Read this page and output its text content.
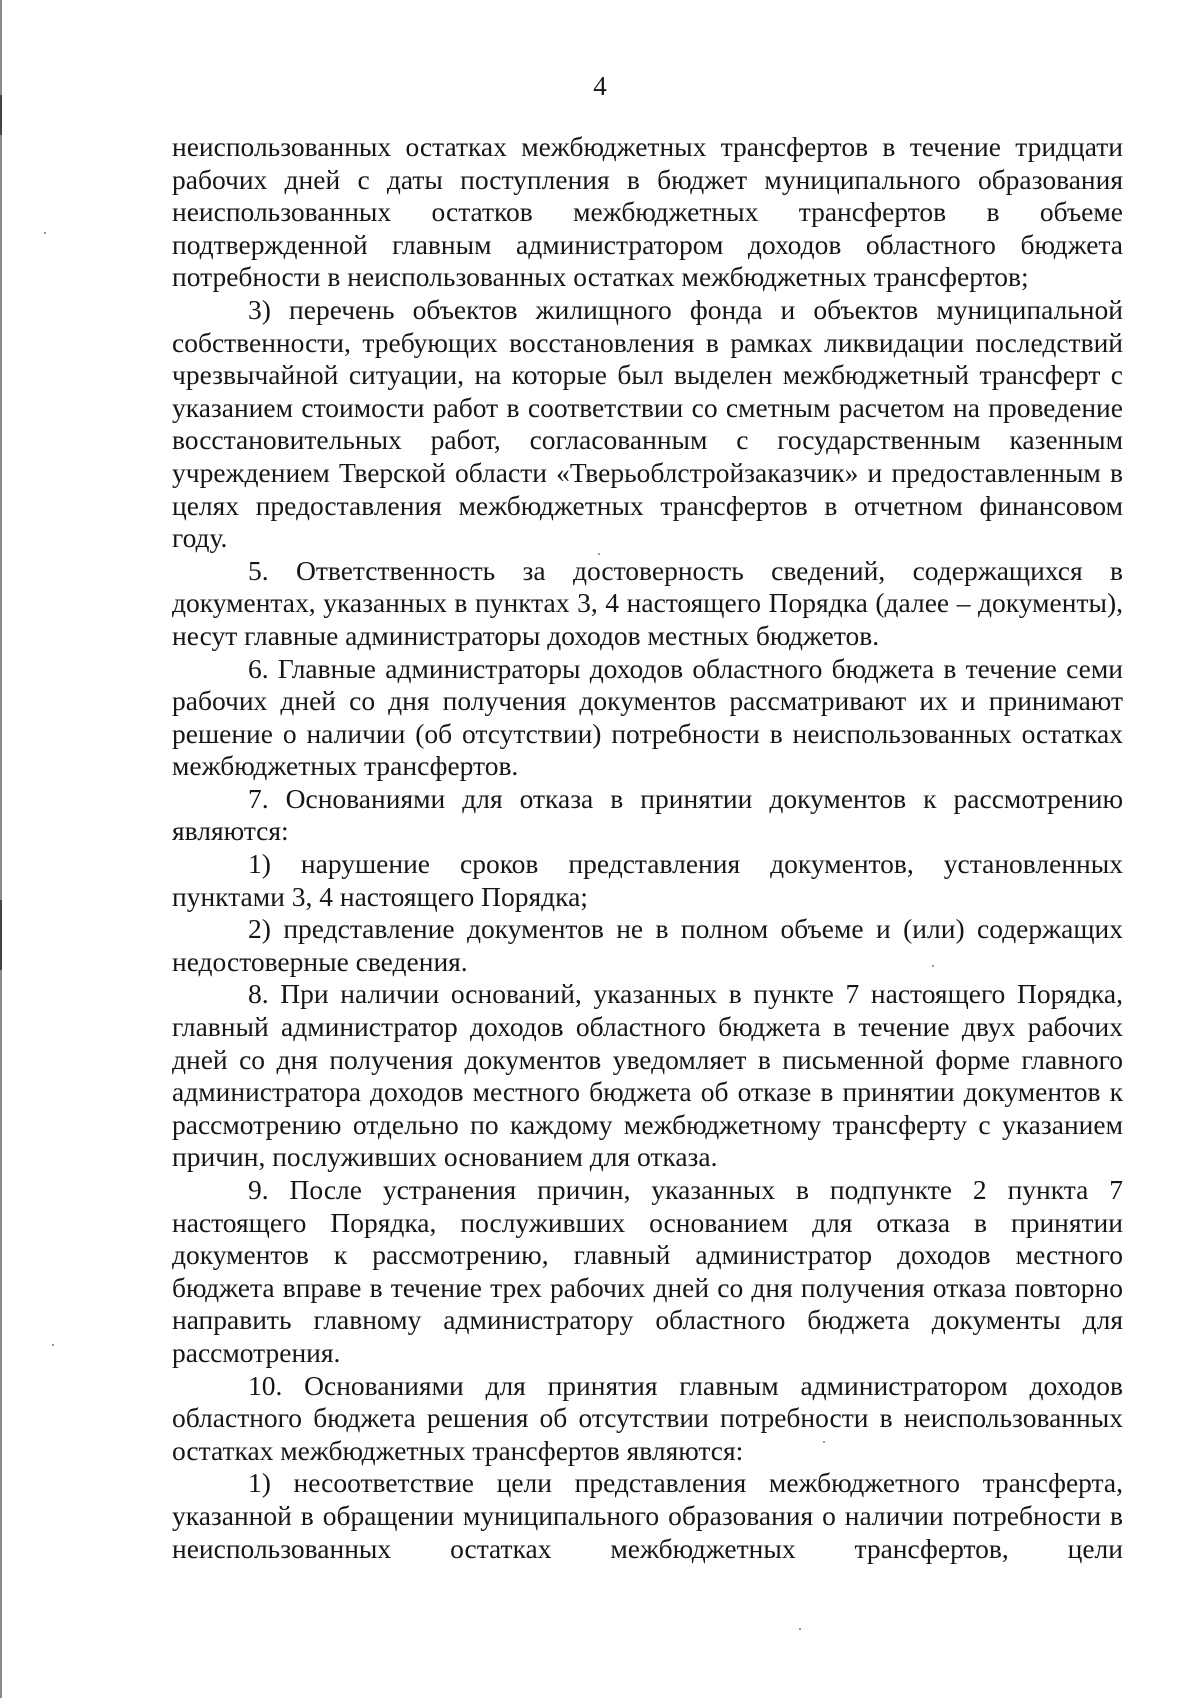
4

неиспользованных остатках межбюджетных трансфертов в течение тридцати рабочих дней с даты поступления в бюджет муниципального образования неиспользованных остатков межбюджетных трансфертов в объеме подтвержденной главным администратором доходов областного бюджета потребности в неиспользованных остатках межбюджетных трансфертов;

3) перечень объектов жилищного фонда и объектов муниципальной собственности, требующих восстановления в рамках ликвидации последствий чрезвычайной ситуации, на которые был выделен межбюджетный трансферт с указанием стоимости работ в соответствии со сметным расчетом на проведение восстановительных работ, согласованным с государственным казенным учреждением Тверской области «Тверьоблстройзаказчик» и предоставленным в целях предоставления межбюджетных трансфертов в отчетном финансовом году.

5. Ответственность за достоверность сведений, содержащихся в документах, указанных в пунктах 3, 4 настоящего Порядка (далее – документы), несут главные администраторы доходов местных бюджетов.

6. Главные администраторы доходов областного бюджета в течение семи рабочих дней со дня получения документов рассматривают их и принимают решение о наличии (об отсутствии) потребности в неиспользованных остатках межбюджетных трансфертов.

7. Основаниями для отказа в принятии документов к рассмотрению являются:

1) нарушение сроков представления документов, установленных пунктами 3, 4 настоящего Порядка;

2) представление документов не в полном объеме и (или) содержащих недостоверные сведения.

8. При наличии оснований, указанных в пункте 7 настоящего Порядка, главный администратор доходов областного бюджета в течение двух рабочих дней со дня получения документов уведомляет в письменной форме главного администратора доходов местного бюджета об отказе в принятии документов к рассмотрению отдельно по каждому межбюджетному трансферту с указанием причин, послуживших основанием для отказа.

9. После устранения причин, указанных в подпункте 2 пункта 7 настоящего Порядка, послуживших основанием для отказа в принятии документов к рассмотрению, главный администратор доходов местного бюджета вправе в течение трех рабочих дней со дня получения отказа повторно направить главному администратору областного бюджета документы для рассмотрения.

10. Основаниями для принятия главным администратором доходов областного бюджета решения об отсутствии потребности в неиспользованных остатках межбюджетных трансфертов являются:

1) несоответствие цели представления межбюджетного трансферта, указанной в обращении муниципального образования о наличии потребности в неиспользованных остатках межбюджетных трансфертов, цели
